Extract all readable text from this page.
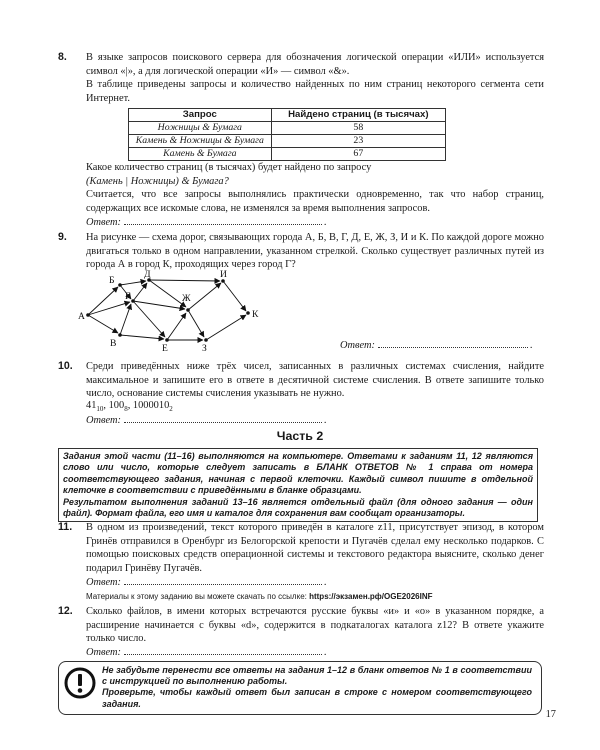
8. В языке запросов поискового сервера для обозначения логической операции «ИЛИ» используется символ «|», а для логической операции «И» — символ «&».
В таблице приведены запросы и количество найденных по ним страниц некоторого сегмента сети Интернет.
Запрос	Найдено страниц (в тысячах)
Ножницы & Бумага	58
Камень & Ножницы & Бумага	23
Камень & Бумага	67
Какое количество страниц (в тысячах) будет найдено по запросу
(Камень | Ножницы) & Бумага?
Считается, что все запросы выполнялись практически одновременно, так что набор страниц, содержащих все искомые слова, не изменялся за время выполнения запросов.
Ответ:	.
9. На рисунке — схема дорог, связывающих города А, Б, В, Г, Д, Е, Ж, З, И и К. По каждой дороге можно двигаться только в одном направлении, указанном стрелкой. Сколько существует различных путей из города А в город К, проходящих через город Г?
А
Б
В
Г
Д
Е
Ж
З
И
К
Ответ:	.
10. Среди приведённых ниже трёх чисел, записанных в различных системах счисления, найдите максимальное и запишите его в ответе в десятичной системе счисления. В ответе запишите только число, основание системы счисления указывать не нужно.
$41_{10}$, $100_8$, $1000010_2$
Ответ:	.
Часть 2
Задания этой части (11–16) выполняются на компьютере. Ответами к заданиям 11, 12 являются слово или число, которые следует записать в БЛАНК ОТВЕТОВ № 1 справа от номера соответствующего задания, начиная с первой клеточки. Каждый символ пишите в отдельной клеточке в соответствии с приведёнными в бланке образцами.
Результатом выполнения заданий 13–16 является отдельный файл (для одного задания — один файл). Формат файла, его имя и каталог для сохранения вам сообщат организаторы.
11. В одном из произведений, текст которого приведён в каталоге z11, присутствует эпизод, в котором Гринёв отправился в Оренбург из Белогорской крепости и Пугачёв сделал ему несколько подарков. С помощью поисковых средств операционной системы и текстового редактора выясните, сколько денег подарил Гринёву Пугачёв.
Ответ:	.
Материалы к этому заданию вы можете скачать по ссылке: https://экзамен.рф/OGE2026INF
12. Сколько файлов, в имени которых встречаются русские буквы «и» и «о» в указанном порядке, а расширение начинается с буквы «d», содержится в подкаталогах каталога z12? В ответе укажите только число.
Ответ:	.
Не забудьте перенести все ответы на задания 1–12 в бланк ответов № 1 в соответствии с инструкцией по выполнению работы.
Проверьте, чтобы каждый ответ был записан в строке с номером соответствующего задания.
17
